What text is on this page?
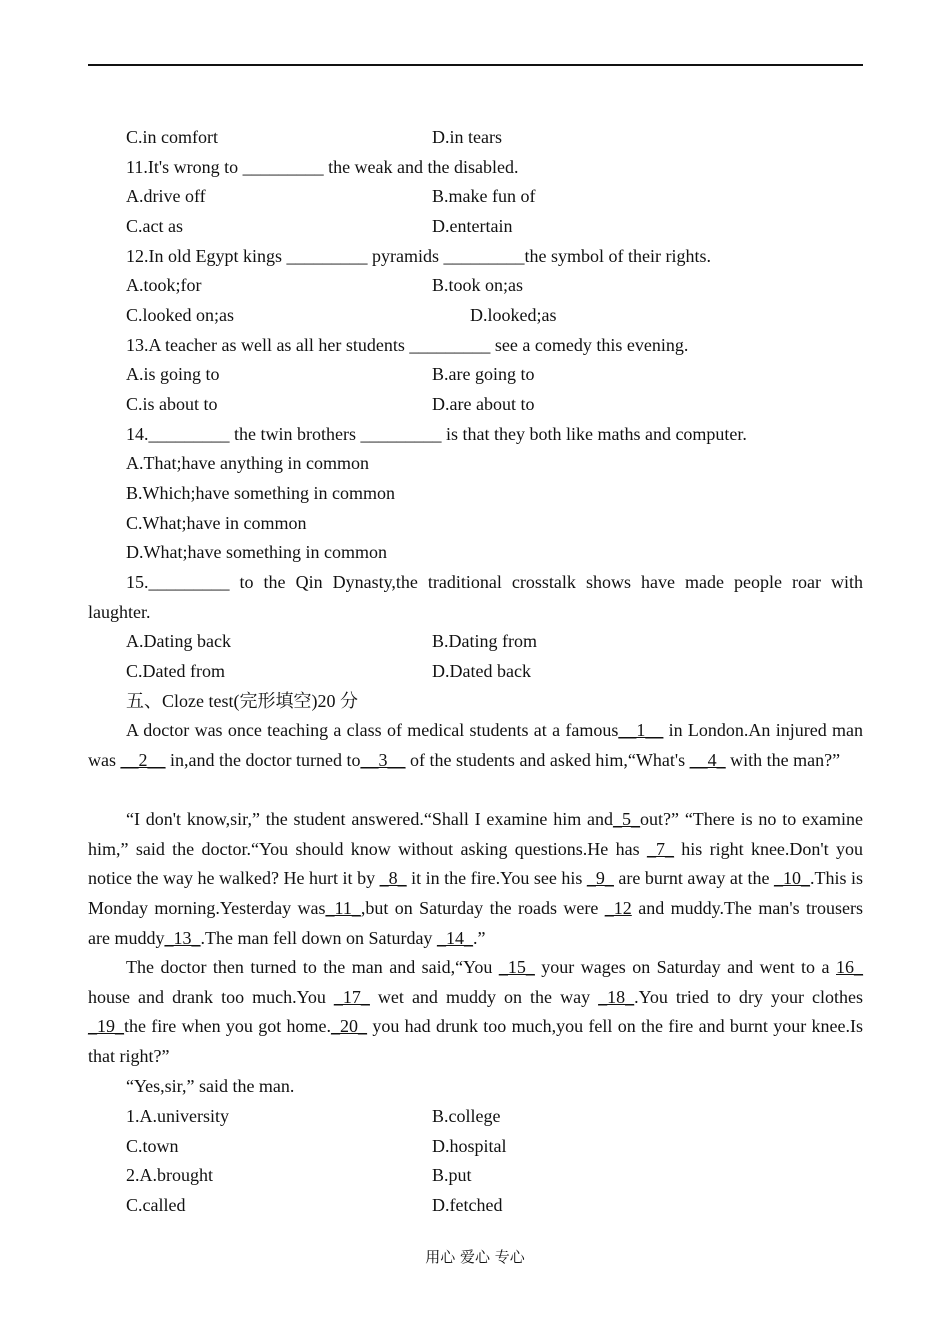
C.in comfort	D.in tears
11.It's wrong to _________ the weak and the disabled.
A.drive off	B.make fun of
C.act as	D.entertain
12.In old Egypt kings _________ pyramids _________the symbol of their rights.
A.took;for	B.took on;as
C.looked on;as	D.looked;as
13.A teacher as well as all her students _________ see a comedy this evening.
A.is going to	B.are going to
C.is about to	D.are about to
14._________ the twin brothers _________ is that they both like maths and computer.
A.That;have anything in common
B.Which;have something in common
C.What;have in common
D.What;have something in common
15._________ to the Qin Dynasty,the traditional crosstalk shows have made people roar with
laughter.
A.Dating back	B.Dating from
C.Dated from	D.Dated back
五、Cloze test(完形填空)20 分
A doctor was once teaching a class of medical students at a famous__1__ in London.An injured man was __2__ in,and the doctor turned to__3__ of the students and asked him,“What's __4_ with the man?”
“I don't know,sir,” the student answered.“Shall I examine him and_5_out?” “There is no to examine him,” said the doctor.“You should know without asking questions.He has _7_ his right knee.Don't you notice the way he walked? He hurt it by _8_ it in the fire.You see his _9_ are burnt away at the _10_.This is Monday morning.Yesterday was_11_,but on Saturday the roads were _12 and muddy.The man's trousers are muddy_13_.The man fell down on Saturday _14_.”
The doctor then turned to the man and said,“You _15_ your wages on Saturday and went to a 16_ house and drank too much.You _17_ wet and muddy on the way _18_.You tried to dry your clothes _19_the fire when you got home._20_ you had drunk too much,you fell on the fire and burnt your knee.Is that right?”
“Yes,sir,” said the man.
1.A.university	B.college
C.town	D.hospital
2.A.brought	B.put
C.called	D.fetched
用心 爱心 专心
